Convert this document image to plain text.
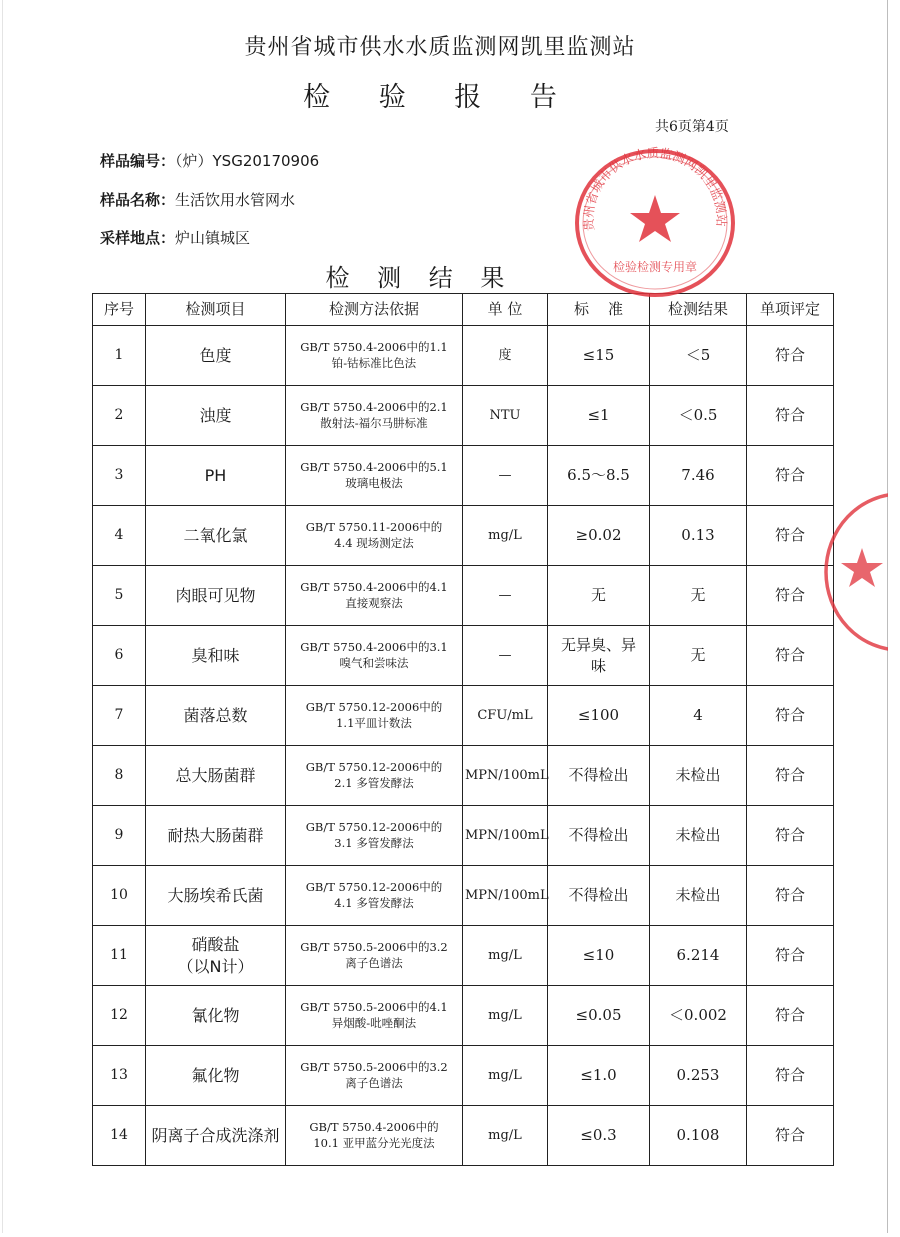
贵州省城市供水水质监测网凯里监测站
检 验 报 告
共6页第4页
样品编号：（炉）YSG20170906
样品名称：生活饮用水管网水
采样地点：炉山镇城区
检 测 结 果
序号	检测项目	检测方法依据	单 位	标    准	检测结果	单项评定
1	色度	GB/T 5750.4-2006中的1.1
铂-钴标准比色法	度	≤15	＜5	符合
2	浊度	GB/T 5750.4-2006中的2.1
散射法-福尔马肼标准	NTU	≤1	＜0.5	符合
3	PH	GB/T 5750.4-2006中的5.1
玻璃电极法	—	6.5～8.5	7.46	符合
4	二氧化氯	GB/T 5750.11-2006中的
4.4 现场测定法	mg/L	≥0.02	0.13	符合
5	肉眼可见物	GB/T 5750.4-2006中的4.1
直接观察法	—	无	无	符合
6	臭和味	GB/T 5750.4-2006中的3.1
嗅气和尝味法	—	无异臭、异
味	无	符合
7	菌落总数	GB/T 5750.12-2006中的
1.1平皿计数法	CFU/mL	≤100	4	符合
8	总大肠菌群	GB/T 5750.12-2006中的
2.1 多管发酵法	MPN/100mL	不得检出	未检出	符合
9	耐热大肠菌群	GB/T 5750.12-2006中的
3.1 多管发酵法	MPN/100mL	不得检出	未检出	符合
10	大肠埃希氏菌	GB/T 5750.12-2006中的
4.1 多管发酵法	MPN/100mL	不得检出	未检出	符合
11	硝酸盐
（以N计）	GB/T 5750.5-2006中的3.2
离子色谱法	mg/L	≤10	6.214	符合
12	氰化物	GB/T 5750.5-2006中的4.1
异烟酸-吡唑酮法	mg/L	≤0.05	＜0.002	符合
13	氟化物	GB/T 5750.5-2006中的3.2
离子色谱法	mg/L	≤1.0	0.253	符合
14	阴离子合成洗涤剂	GB/T 5750.4-2006中的
10.1 亚甲蓝分光光度法	mg/L	≤0.3	0.108	符合
贵州省城市供水水质监测网凯里监测站
检验检测专用章
